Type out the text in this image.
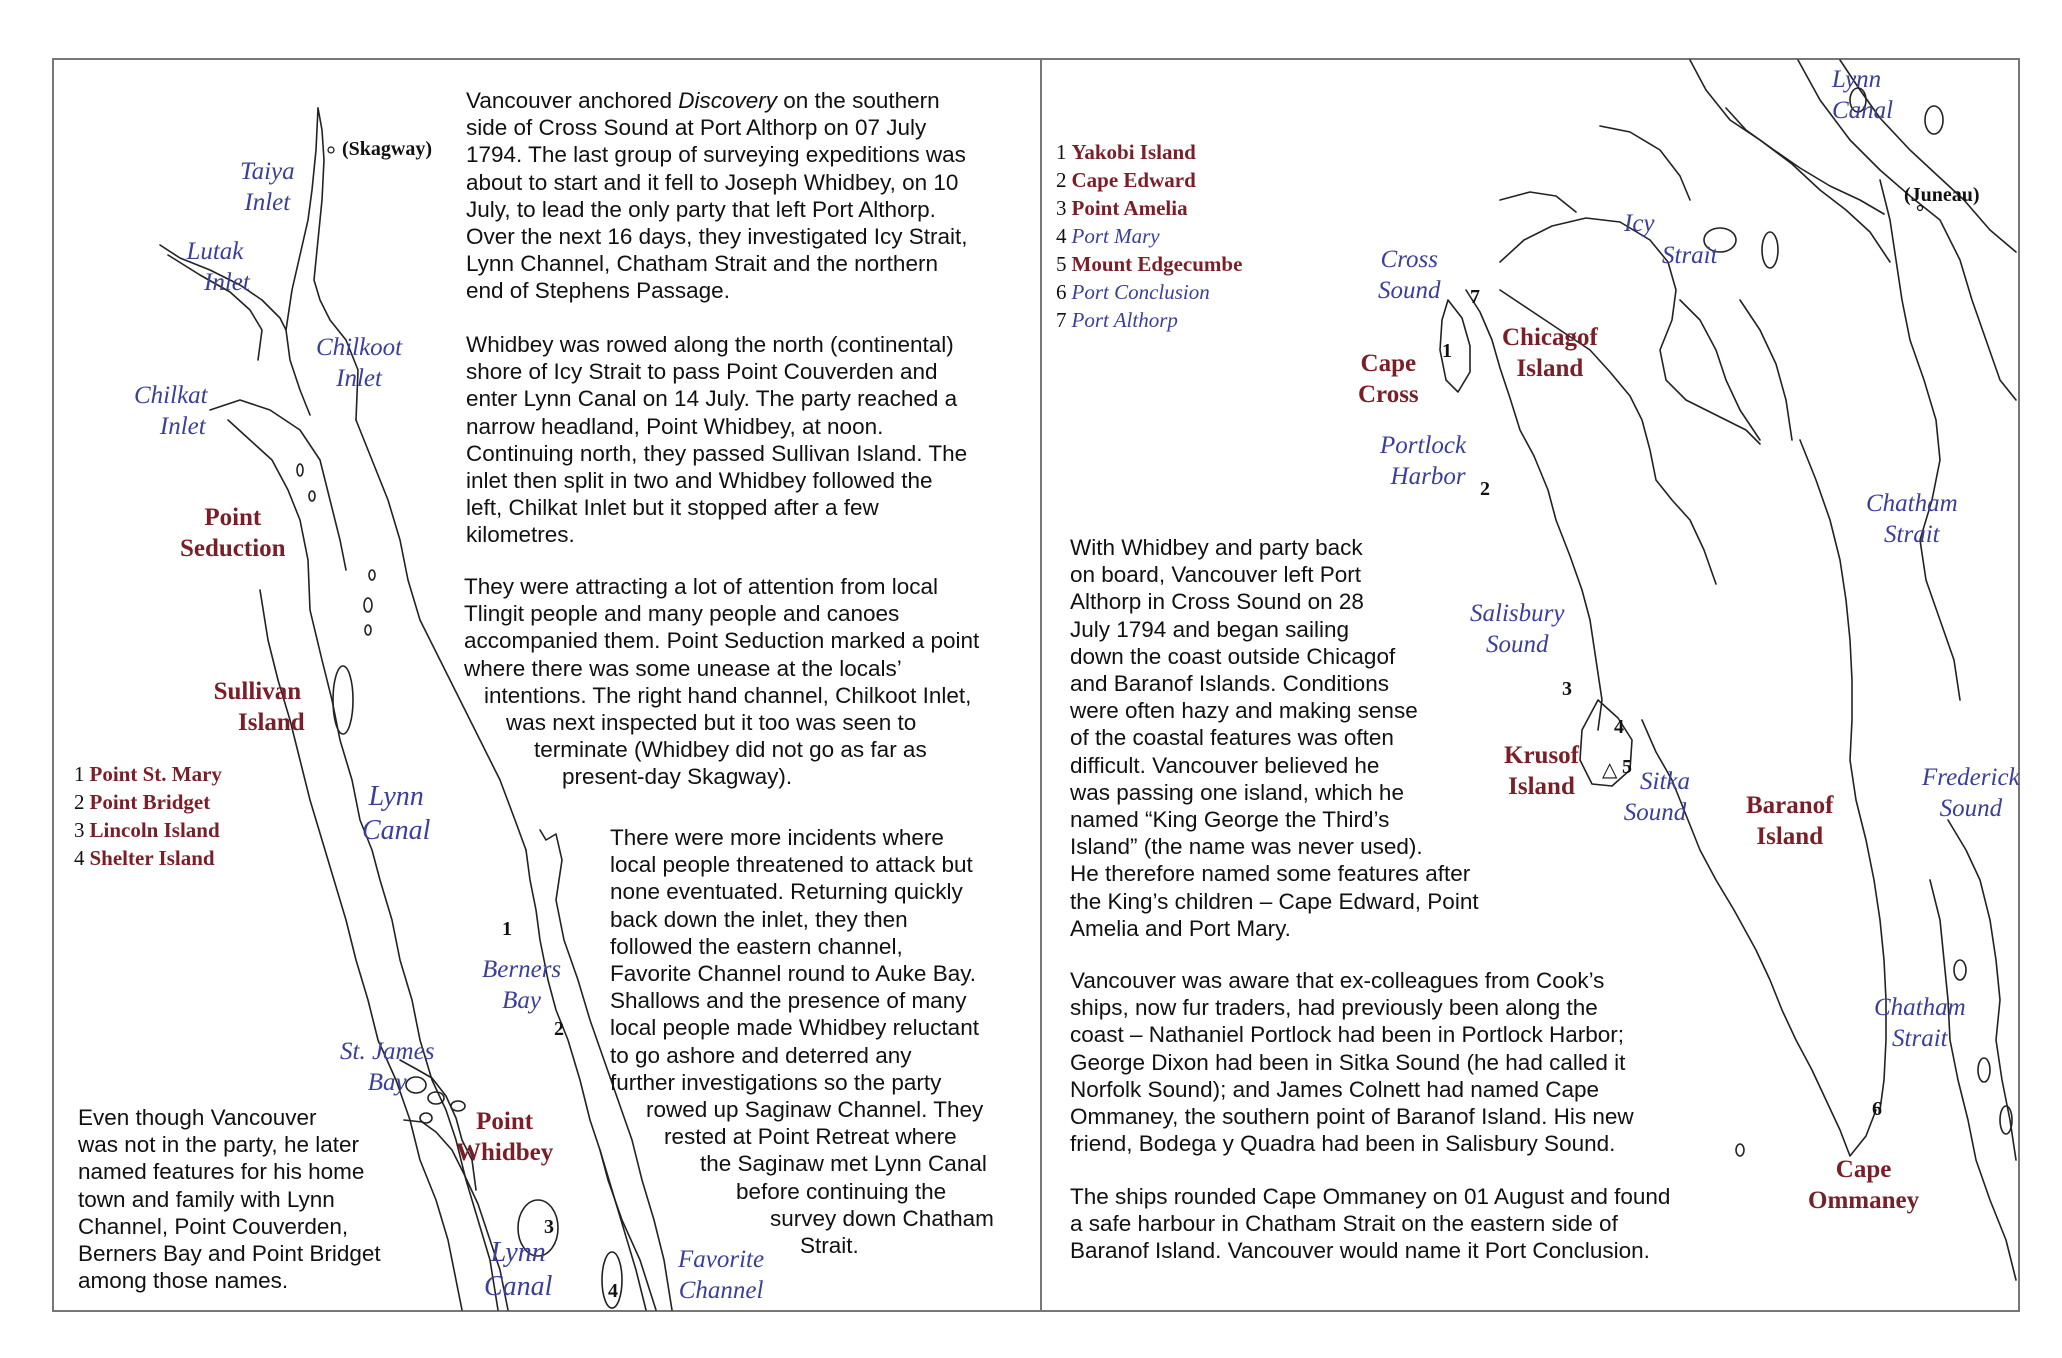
Vancouver anchored Discovery on the southern
side of Cross Sound at Port Althorp on 07 July
1794. The last group of surveying expeditions was
about to start and it fell to Joseph Whidbey, on 10
July, to lead the only party that left Port Althorp.
Over the next 16 days, they investigated Icy Strait,
Lynn Channel, Chatham Strait and the northern
end of Stephens Passage.
Whidbey was rowed along the north (continental)
shore of Icy Strait to pass Point Couverden and
enter Lynn Canal on 14 July. The party reached a
narrow headland, Point Whidbey, at noon.
Continuing north, they passed Sullivan Island. The
inlet then split in two and Whidbey followed the
left, Chilkat Inlet but it stopped after a few
kilometres.
They were attracting a lot of attention from local
Tlingit people and many people and canoes
accompanied them. Point Seduction marked a point
where there was some unease at the locals’
intentions. The right hand channel, Chilkoot Inlet,
was next inspected but it too was seen to
terminate (Whidbey did not go as far as
present-day Skagway).
There were more incidents where
local people threatened to attack but
none eventuated. Returning quickly
back down the inlet, they then
followed the eastern channel,
Favorite Channel round to Auke Bay.
Shallows and the presence of many
local people made Whidbey reluctant
to go ashore and deterred any
further investigations so the party
rowed up Saginaw Channel. They
rested at Point Retreat where
the Saginaw met Lynn Canal
before continuing the
survey down Chatham
Strait.
Even though Vancouver
was not in the party, he later
named features for his home
town and family with Lynn
Channel, Point Couverden,
Berners Bay and Point Bridget
among those names.
1 Point St. Mary
2 Point Bridget
3 Lincoln Island
4 Shelter Island
(Skagway)
Taiya
Inlet
Lutak
Inlet
Chilkoot
Inlet
Chilkat
Inlet
Point
Seduction
Sullivan
Island
Lynn
Canal
Berners
Bay
St. James
Bay
Point
Whidbey
Lynn
Canal
Favorite
Channel
1
2
3
4
1 Yakobi Island
2 Cape Edward
3 Point Amelia
4 Port Mary
5 Mount Edgecumbe
6 Port Conclusion
7 Port Althorp
With Whidbey and party back
on board, Vancouver left Port
Althorp in Cross Sound on 28
July 1794 and began sailing
down the coast outside Chicagof
and Baranof Islands. Conditions
were often hazy and making sense
of the coastal features was often
difficult. Vancouver believed he
was passing one island, which he
named “King George the Third’s
Island” (the name was never used).
He therefore named some features after
the King’s children – Cape Edward, Point
Amelia and Port Mary.
Vancouver was aware that ex-colleagues from Cook’s
ships, now fur traders, had previously been along the
coast – Nathaniel Portlock had been in Portlock Harbor;
George Dixon had been in Sitka Sound (he had called it
Norfolk Sound); and James Colnett had named Cape
Ommaney, the southern point of Baranof Island. His new
friend, Bodega y Quadra had been in Salisbury Sound.
The ships rounded Cape Ommaney on 01 August and found
a safe harbour in Chatham Strait on the eastern side of
Baranof Island. Vancouver would name it Port Conclusion.
Lynn
Canal
(Juneau)
Icy
Strait
Cross
Sound
Chicagof
Island
Cape
Cross
Portlock
Harbor
Chatham
Strait
Salisbury
Sound
Krusof
Island	Sitka
Sound Baranof
Island
Frederick
Sound
Chatham
Strait
Cape
Ommaney
1
2
3
4
△ 5
6
7
